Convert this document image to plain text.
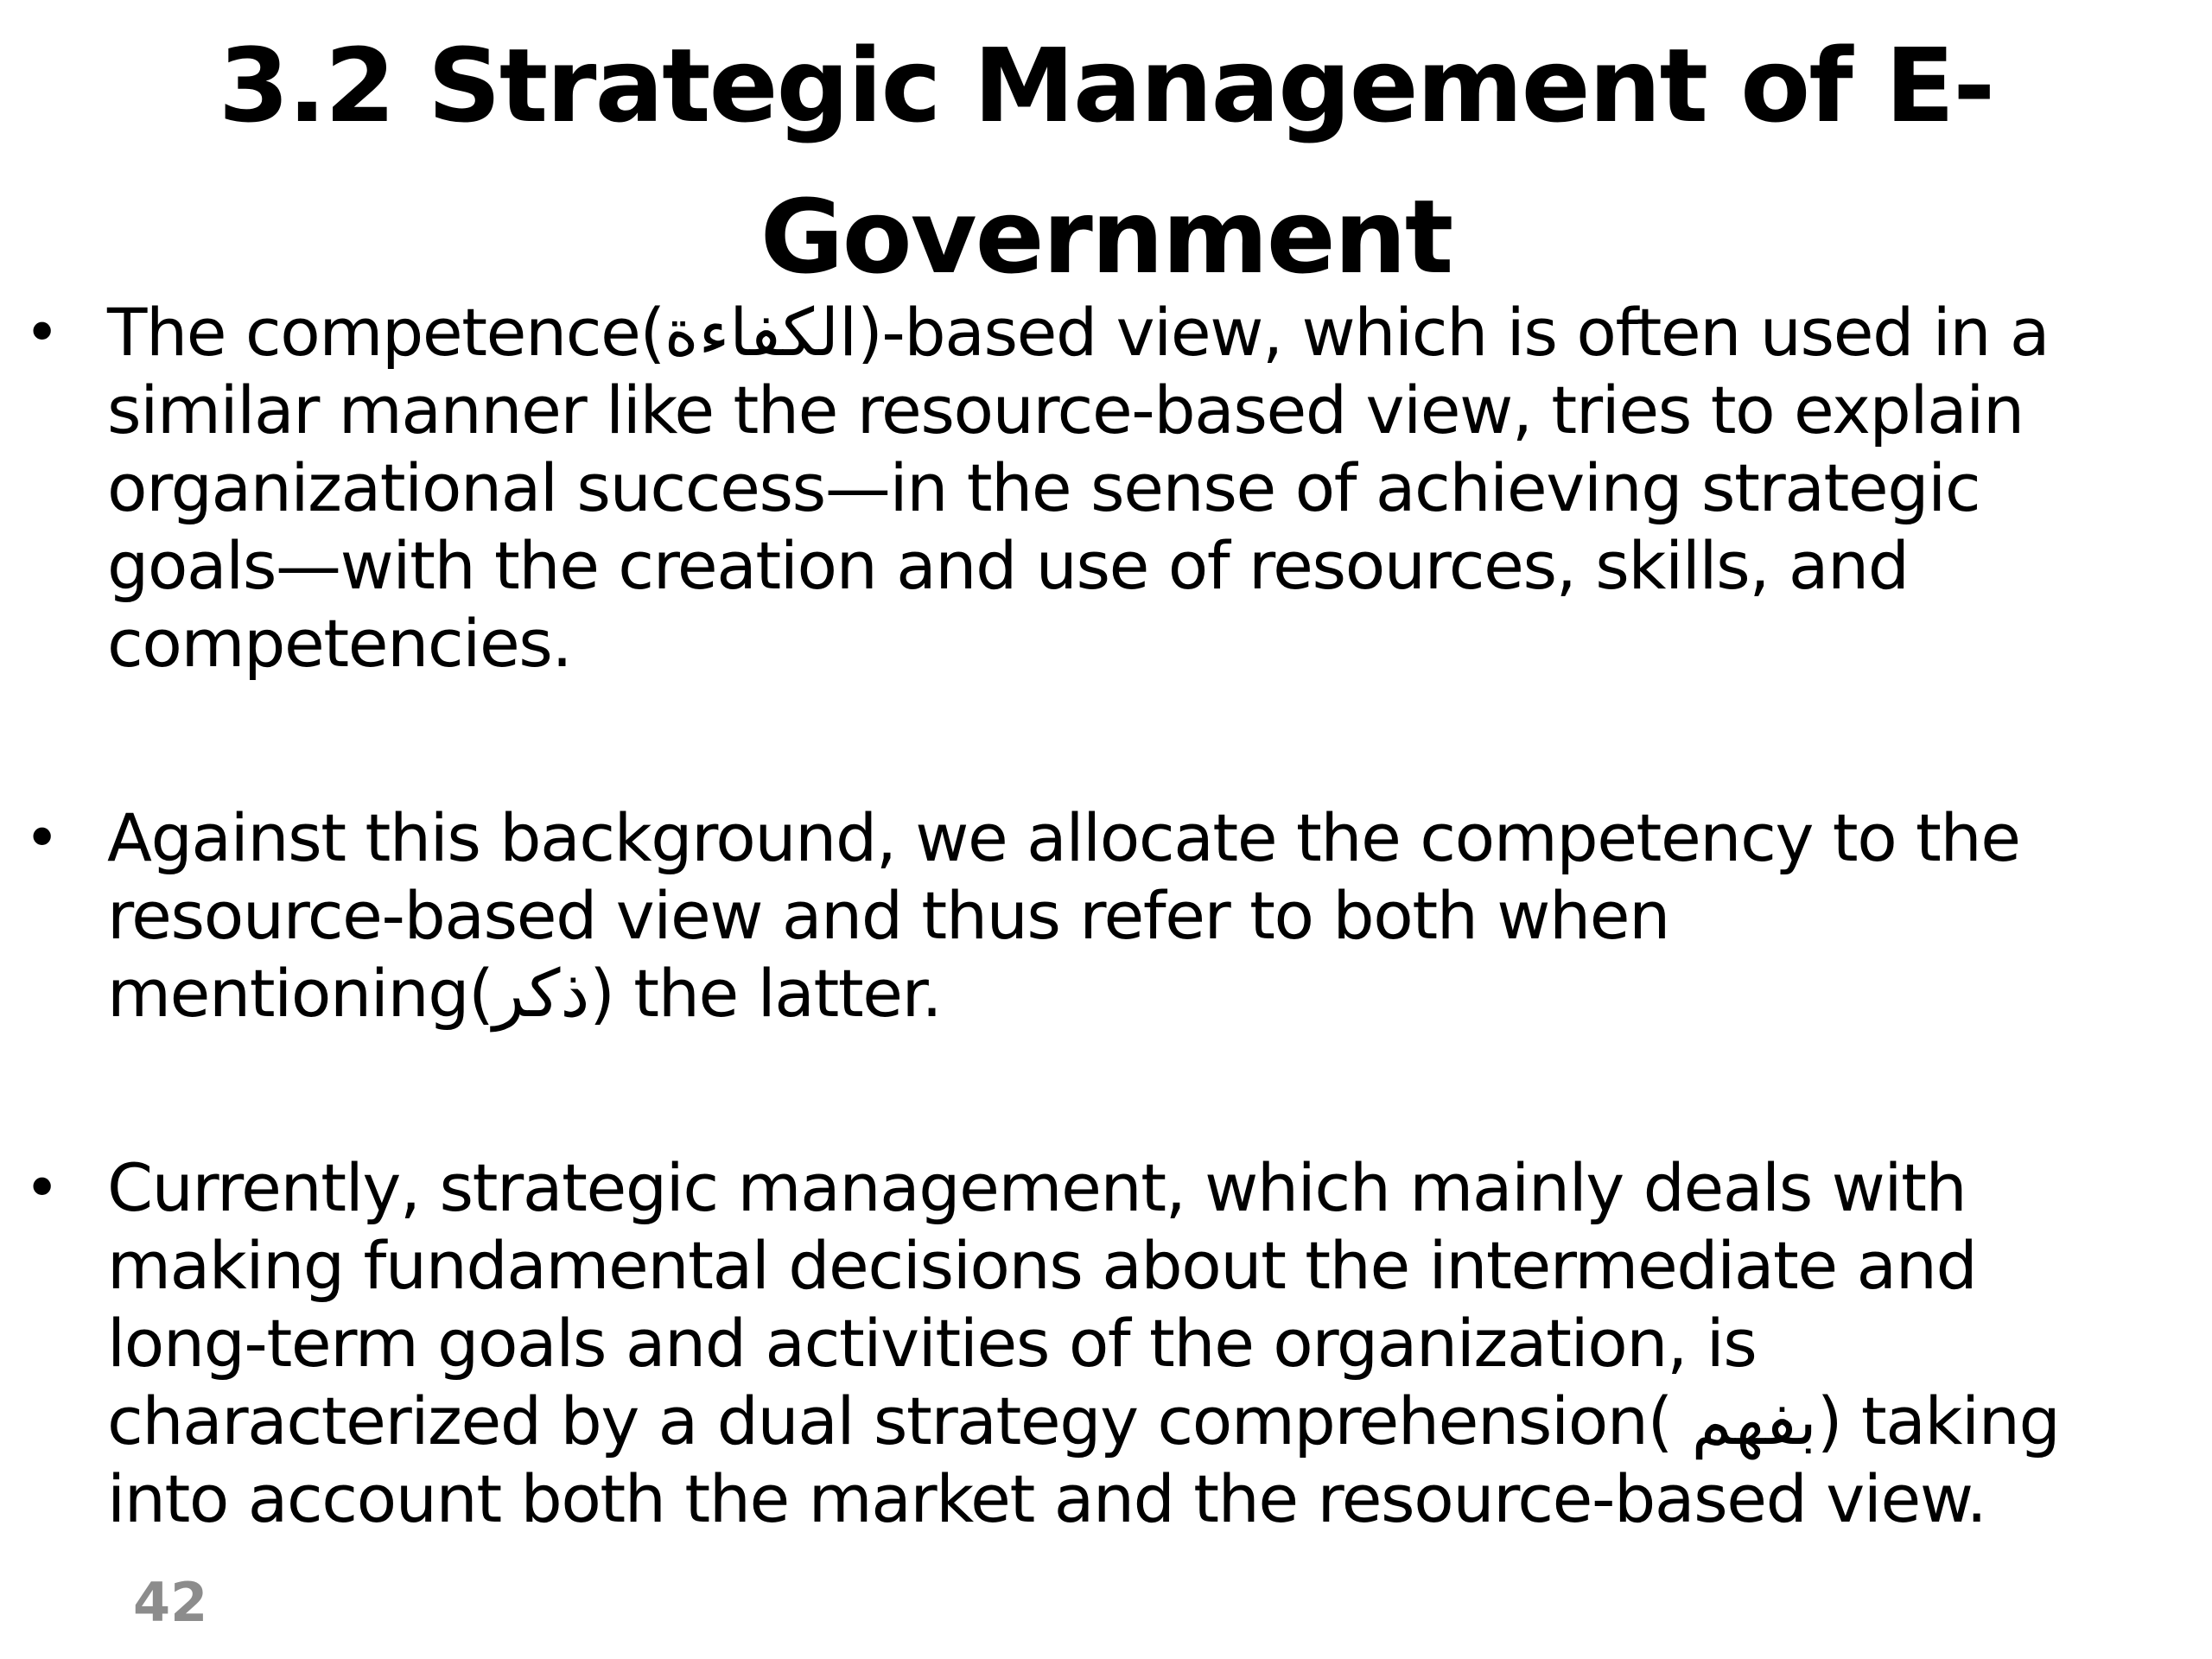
3.2 Strategic Management of E-
Government
• The competence(الكفاءة)-based view, which is often used in a
similar manner like the resource-based view, tries to explain
organizational success—in the sense of achieving strategic
goals—with the creation and use of resources, skills, and
competencies.
• Against this background, we allocate the competency to the
resource-based view and thus refer to both when
mentioning(ذكر) the latter.
• Currently, strategic management, which mainly deals with
making fundamental decisions about the intermediate and
long-term goals and activities of the organization, is
characterized by a dual strategy comprehension( بفهم) taking
into account both the market and the resource-based view.
42
